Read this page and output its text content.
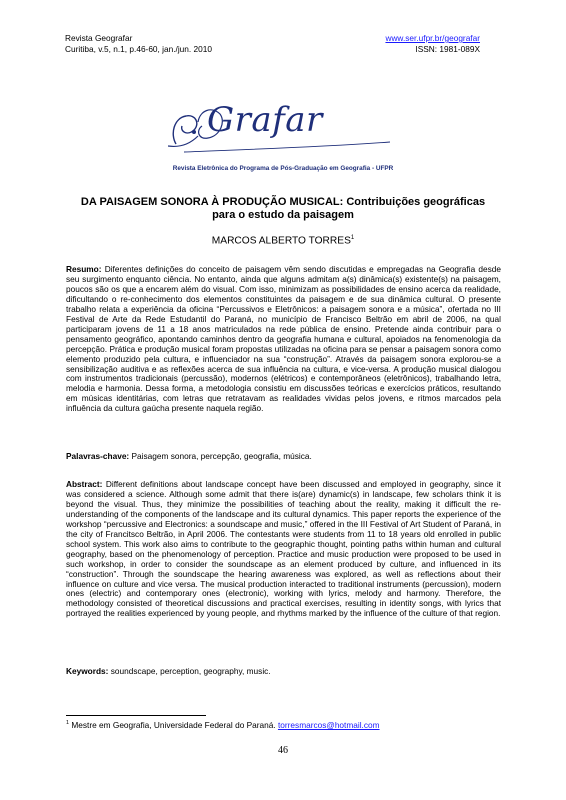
Revista Geografar
Curitiba, v.5, n.1, p.46-60, jan./jun. 2010
www.ser.ufpr.br/geografar
ISSN: 1981-089X
Grafar
Revista Eletrônica do Programa de Pós-Graduação em Geografia - UFPR
DA PAISAGEM SONORA À PRODUÇÃO MUSICAL: Contribuições geográficas
para o estudo da paisagem
MARCOS ALBERTO TORRES$^1$
Resumo: Diferentes definições do conceito de paisagem vêm sendo discutidas e empregadas na Geografia desde seu surgimento enquanto ciência. No entanto, ainda que alguns admitam a(s) dinâmica(s) existente(s) na paisagem, poucos são os que a encarem além do visual. Com isso, minimizam as possibilidades de ensino acerca da realidade, dificultando o re-conhecimento dos elementos constituintes da paisagem e de sua dinâmica cultural. O presente trabalho relata a experiência da oficina “Percussivos e Eletrônicos: a paisagem sonora e a música”, ofertada no III Festival de Arte da Rede Estudantil do Paraná, no município de Francisco Beltrão em abril de 2006, na qual participaram jovens de 11 a 18 anos matriculados na rede pública de ensino. Pretende ainda contribuir para o pensamento geográfico, apontando caminhos dentro da geografia humana e cultural, apoiados na fenomenologia da percepção. Prática e produção musical foram propostas utilizadas na oficina para se pensar a paisagem sonora como elemento produzido pela cultura, e influenciador na sua “construção”. Através da paisagem sonora explorou-se a sensibilização auditiva e as reflexões acerca de sua influência na cultura, e vice-versa. A produção musical dialogou com instrumentos tradicionais (percussão), modernos (elétricos) e contemporâneos (eletrônicos), trabalhando letra, melodia e harmonia. Dessa forma, a metodologia consistiu em discussões teóricas e exercícios práticos, resultando em músicas identitárias, com letras que retratavam as realidades vividas pelos jovens, e ritmos marcados pela influência da cultura gaúcha presente naquela região.
Palavras-chave: Paisagem sonora, percepção, geografia, música.
Abstract: Different definitions about landscape concept have been discussed and employed in geography, since it was considered a science. Although some admit that there is(are) dynamic(s) in landscape, few scholars think it is beyond the visual. Thus, they minimize the possibilities of teaching about the reality, making it difficult the re-understanding of the components of the landscape and its cultural dynamics. This paper reports the experience of the workshop “percussive and Electronics: a soundscape and music,” offered in the III Festival of Art Student of Paraná, in the city of Francitsco Beltrão, in April 2006. The contestants were students from 11 to 18 years old enrolled in public school system. This work also aims to contribute to the geographic thought, pointing paths within human and cultural geography, based on the phenomenology of perception. Practice and music production were proposed to be used in such workshop, in order to consider the soundscape as an element produced by culture, and influenced in its “construction”. Through the soundscape the hearing awareness was explored, as well as reflections about their influence on culture and vice versa. The musical production interacted to traditional instruments (percussion), modern ones (electric) and contemporary ones (electronic), working with lyrics, melody and harmony. Therefore, the methodology consisted of theoretical discussions and practical exercises, resulting in identity songs, with lyrics that portrayed the realities experienced by young people, and rhythms marked by the influence of the culture of that region.
Keywords: soundscape, perception, geography, music.
$^1$ Mestre em Geografia, Universidade Federal do Paraná. torresmarcos@hotmail.com
46
